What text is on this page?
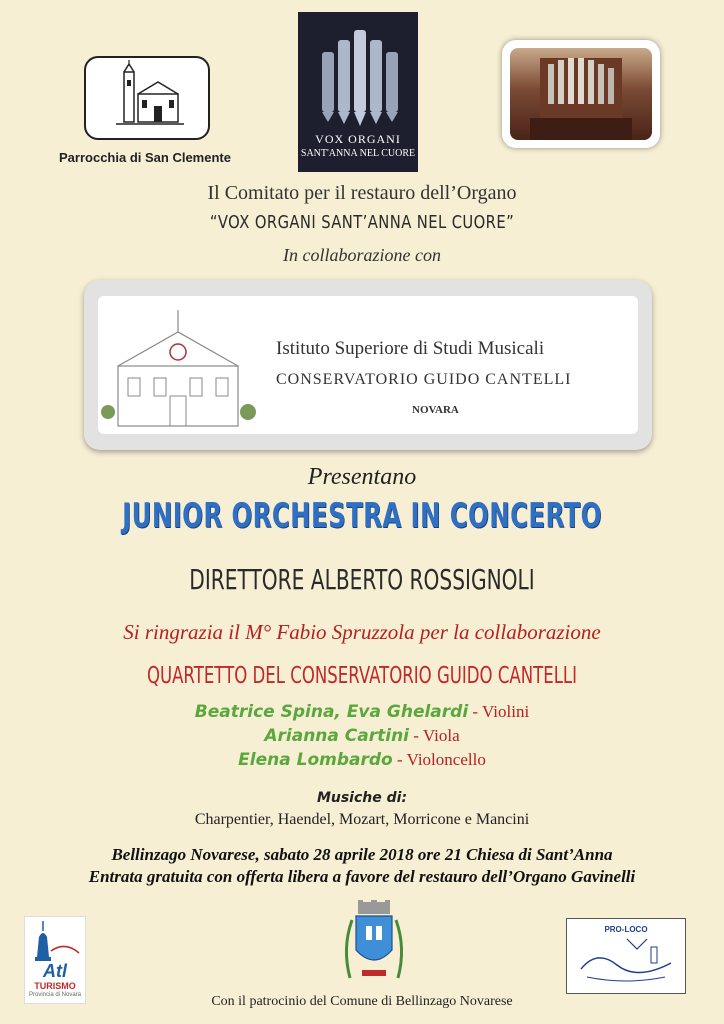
Parrocchia di San Clemente
VOX ORGANI
SANT'ANNA NEL CUORE
Il Comitato per il restauro dell’Organo
“VOX ORGANI SANT’ANNA NEL CUORE”
In collaborazione con
Istituto Superiore di Studi Musicali
CONSERVATORIO GUIDO CANTELLI
NOVARA
Presentano
JUNIOR ORCHESTRA IN CONCERTO
DIRETTORE ALBERTO ROSSIGNOLI
Si ringrazia il M° Fabio Spruzzola per la collaborazione
QUARTETTO DEL CONSERVATORIO GUIDO CANTELLI
Beatrice Spina, Eva Ghelardi - Violini
Arianna Cartini - Viola
Elena Lombardo - Violoncello
Musiche di:
Charpentier, Haendel, Mozart, Morricone e Mancini
Bellinzago Novarese, sabato 28 aprile 2018 ore 21 Chiesa di Sant’Anna
Entrata gratuita con offerta libera a favore del restauro dell’Organo Gavinelli
Atl
TURISMO
Provincia di Novara
PRO-LOCO
Con il patrocinio del Comune di Bellinzago Novarese
